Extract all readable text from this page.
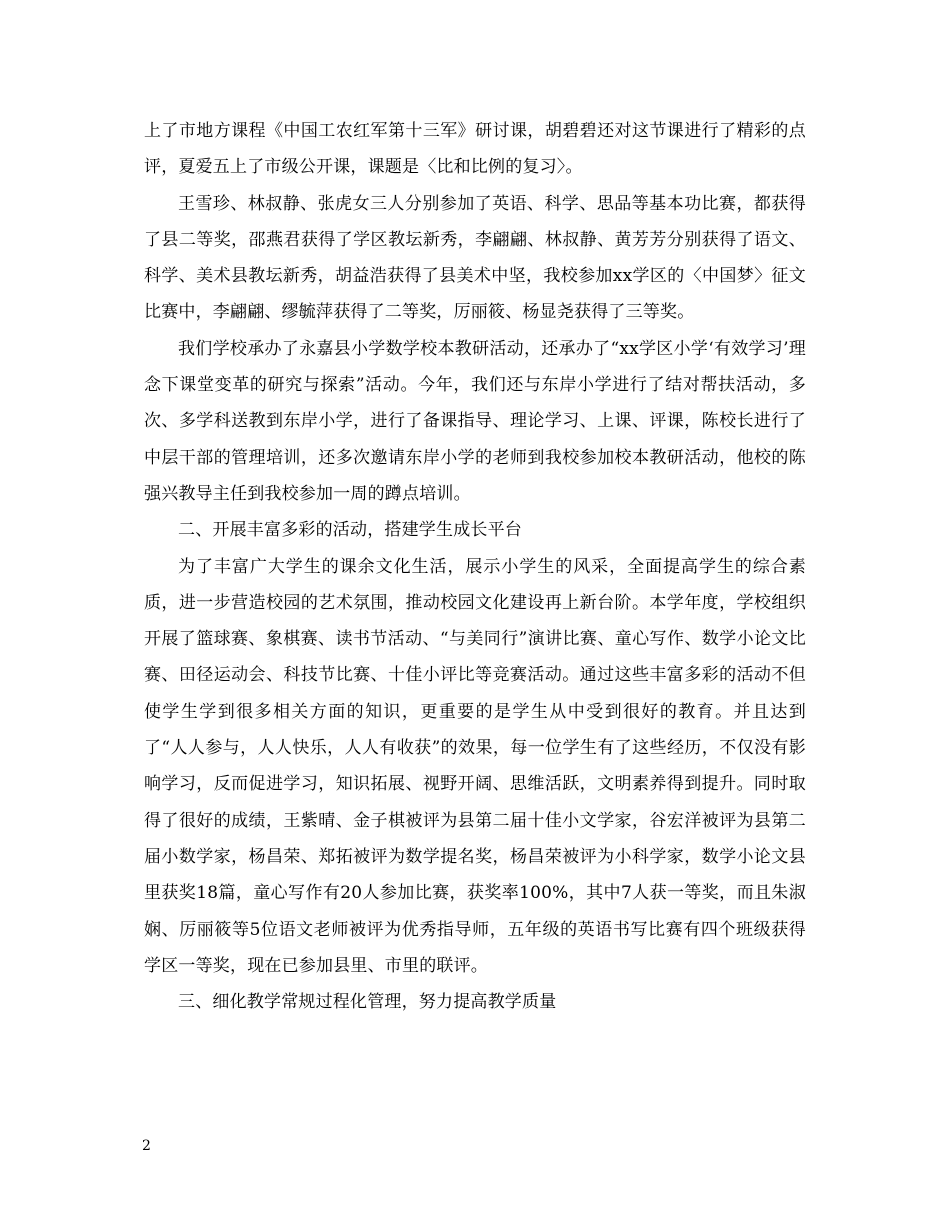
上了市地方课程《中国工农红军第十三军》研讨课，胡碧碧还对这节课进行了精彩的点评，夏爱五上了市级公开课，课题是〈比和比例的复习〉。

王雪珍、林叔静、张虎女三人分别参加了英语、科学、思品等基本功比赛，都获得了县二等奖，邵燕君获得了学区教坛新秀，李翩翩、林叔静、黄芳芳分别获得了语文、科学、美术县教坛新秀，胡益浩获得了县美术中坚，我校参加xx学区的〈中国梦〉征文比赛中，李翩翩、缪毓萍获得了二等奖，厉丽筱、杨显尧获得了三等奖。

我们学校承办了永嘉县小学数学校本教研活动，还承办了“xx学区小学‘有效学习’理念下课堂变革的研究与探索”活动。今年，我们还与东岸小学进行了结对帮扶活动，多次、多学科送教到东岸小学，进行了备课指导、理论学习、上课、评课，陈校长进行了中层干部的管理培训，还多次邀请东岸小学的老师到我校参加校本教研活动，他校的陈强兴教导主任到我校参加一周的蹲点培训。

二、开展丰富多彩的活动，搭建学生成长平台

为了丰富广大学生的课余文化生活，展示小学生的风采，全面提高学生的综合素质，进一步营造校园的艺术氛围，推动校园文化建设再上新台阶。本学年度，学校组织开展了篮球赛、象棋赛、读书节活动、“与美同行”演讲比赛、童心写作、数学小论文比赛、田径运动会、科技节比赛、十佳小评比等竞赛活动。通过这些丰富多彩的活动不但使学生学到很多相关方面的知识，更重要的是学生从中受到很好的教育。并且达到了“人人参与，人人快乐，人人有收获”的效果，每一位学生有了这些经历，不仅没有影响学习，反而促进学习，知识拓展、视野开阔、思维活跃，文明素养得到提升。同时取得了很好的成绩，王紫晴、金子棋被评为县第二届十佳小文学家，谷宏洋被评为县第二届小数学家，杨昌荣、郑拓被评为数学提名奖，杨昌荣被评为小科学家，数学小论文县里获奖18篇，童心写作有20人参加比赛，获奖率100%，其中7人获一等奖，而且朱淑娴、厉丽筱等5位语文老师被评为优秀指导师，五年级的英语书写比赛有四个班级获得学区一等奖，现在已参加县里、市里的联评。

三、细化教学常规过程化管理，努力提高教学质量

2
